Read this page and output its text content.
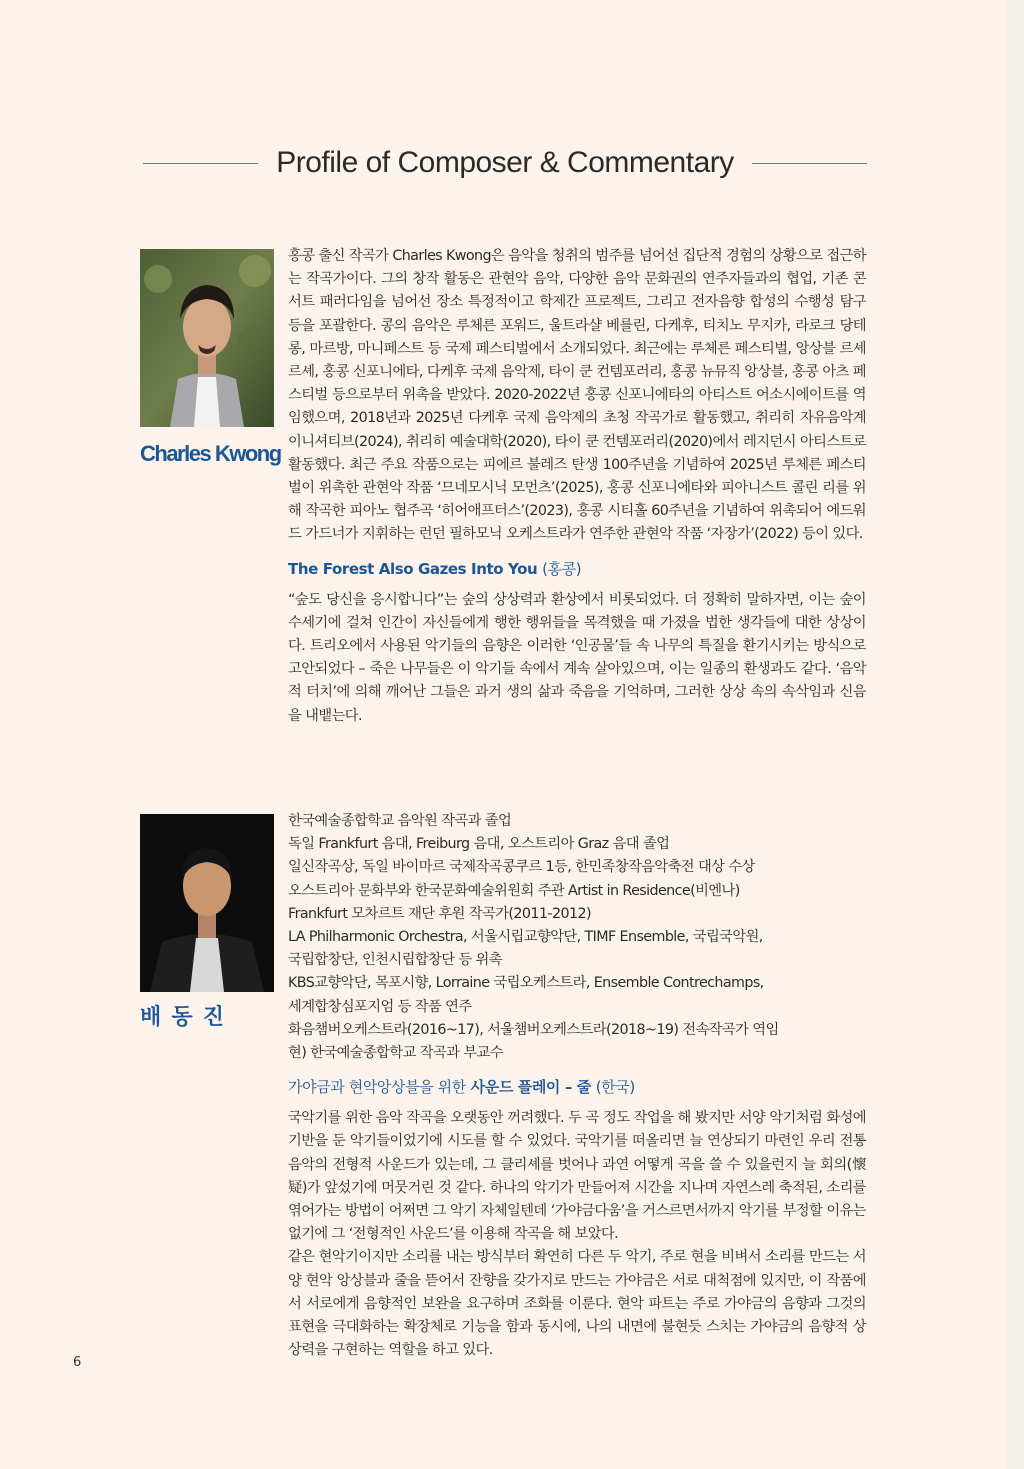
Profile of Composer & Commentary
Charles Kwong

홍콩 출신 작곡가 Charles Kwong은 음악을 청취의 범주를 넘어선 집단적 경험의 상황으로 접근하는 작곡가이다. 그의 창작 활동은 관현악 음악, 다양한 음악 문화권의 연주자들과의 협업, 기존 콘서트 패러다임을 넘어선 장소 특정적이고 학제간 프로젝트, 그리고 전자음향 합성의 수행성 탐구 등을 포괄한다. 콩의 음악은 루체른 포워드, 울트라샬 베를린, 다케후, 티치노 무지카, 라로크 당테롱, 마르방, 마니페스트 등 국제 페스티벌에서 소개되었다. 최근에는 루체른 페스티벌, 앙상블 르셰르셰, 홍콩 신포니에타, 다케후 국제 음악제, 타이 쿤 컨템포러리, 홍콩 뉴뮤직 앙상블, 홍콩 아츠 페스티벌 등으로부터 위촉을 받았다. 2020-2022년 홍콩 신포니에타의 아티스트 어소시에이트를 역임했으며, 2018년과 2025년 다케후 국제 음악제의 초청 작곡가로 활동했고, 취리히 자유음악계 이니셔티브(2024), 취리히 예술대학(2020), 타이 쿤 컨템포러리(2020)에서 레지던시 아티스트로 활동했다. 최근 주요 작품으로는 피에르 불레즈 탄생 100주년을 기념하여 2025년 루체른 페스티벌이 위촉한 관현악 작품 ‘므네모시닉 모먼츠’(2025), 홍콩 신포니에타와 피아니스트 콜린 리를 위해 작곡한 피아노 협주곡 ‘히어애프터스’(2023), 홍콩 시티홀 60주년을 기념하여 위촉되어 에드워드 가드너가 지휘하는 런던 필하모닉 오케스트라가 연주한 관현악 작품 ‘자장가’(2022) 등이 있다.

The Forest Also Gazes Into You (홍콩)

“숲도 당신을 응시합니다”는 숲의 상상력과 환상에서 비롯되었다. 더 정확히 말하자면, 이는 숲이 수세기에 걸쳐 인간이 자신들에게 행한 행위들을 목격했을 때 가졌을 법한 생각들에 대한 상상이다. 트리오에서 사용된 악기들의 음향은 이러한 ‘인공물’들 속 나무의 특질을 환기시키는 방식으로 고안되었다 – 죽은 나무들은 이 악기들 속에서 계속 살아있으며, 이는 일종의 환생과도 같다. ‘음악적 터치’에 의해 깨어난 그들은 과거 생의 삶과 죽음을 기억하며, 그러한 상상 속의 속삭임과 신음을 내뱉는다.

배 동 진
한국예술종합학교 음악원 작곡과 졸업
독일 Frankfurt 음대, Freiburg 음대, 오스트리아 Graz 음대 졸업
일신작곡상, 독일 바이마르 국제작곡콩쿠르 1등, 한민족창작음악축전 대상 수상
오스트리아 문화부와 한국문화예술위원회 주관 Artist in Residence(비엔나)
Frankfurt 모차르트 재단 후원 작곡가(2011-2012)
LA Philharmonic Orchestra, 서울시립교향악단, TIMF Ensemble, 국립국악원,
국립합창단, 인천시립합창단 등 위촉
KBS교향악단, 목포시향, Lorraine 국립오케스트라, Ensemble Contrechamps,
세계합창심포지엄 등 작품 연주
화음챔버오케스트라(2016~17), 서울챔버오케스트라(2018~19) 전속작곡가 역임
현) 한국예술종합학교 작곡과 부교수
가야금과 현악앙상블을 위한 사운드 플레이 – 줄 (한국)

국악기를 위한 음악 작곡을 오랫동안 꺼려했다. 두 곡 정도 작업을 해 봤지만 서양 악기처럼 화성에 기반을 둔 악기들이었기에 시도를 할 수 있었다. 국악기를 떠올리면 늘 연상되기 마련인 우리 전통 음악의 전형적 사운드가 있는데, 그 클리셰를 벗어나 과연 어떻게 곡을 쓸 수 있을런지 늘 회의(懷疑)가 앞섰기에 머뭇거린 것 같다. 하나의 악기가 만들어져 시간을 지나며 자연스레 축적된, 소리를 엮어가는 방법이 어쩌면 그 악기 자체일텐데 ‘가야금다움’을 거스르면서까지 악기를 부정할 이유는 없기에 그 ‘전형적인 사운드’를 이용해 작곡을 해 보았다.

같은 현악기이지만 소리를 내는 방식부터 확연히 다른 두 악기, 주로 현을 비벼서 소리를 만드는 서양 현악 앙상블과 줄을 뜯어서 잔향을 갖가지로 만드는 가야금은 서로 대척점에 있지만, 이 작품에서 서로에게 음향적인 보완을 요구하며 조화를 이룬다. 현악 파트는 주로 가야금의 음향과 그것의 표현을 극대화하는 확장체로 기능을 함과 동시에, 나의 내면에 불현듯 스치는 가야금의 음향적 상상력을 구현하는 역할을 하고 있다.

6
